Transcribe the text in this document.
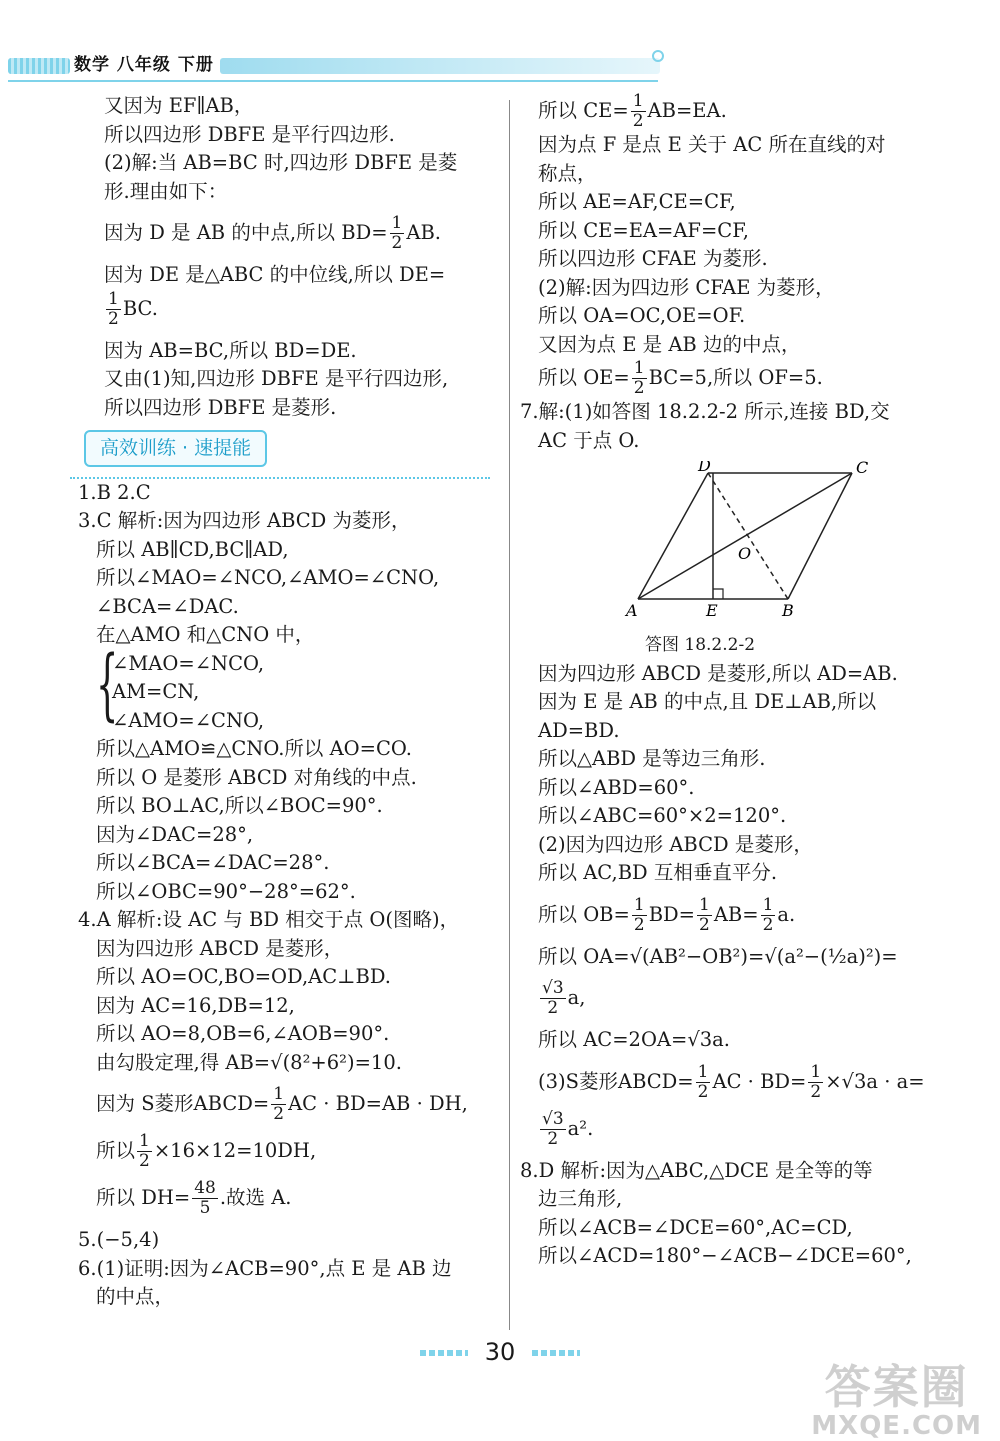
数学 八年级 下册
又因为 EF∥AB，
所以四边形 DBFE 是平行四边形.
(2)解:当 AB=BC 时,四边形 DBFE 是菱
形.理由如下：
因为 D 是 AB 的中点,所以 $BD= \frac{1}{2}$ AB.
因为 DE 是△ABC 的中位线,所以 DE=
$\frac{1}{2}$ BC.
因为 AB=BC,所以 BD=DE.
又由(1)知,四边形 DBFE 是平行四边形,
所以四边形 DBFE 是菱形.
高效训练 · 速提能
1.B 2.C
3.C 解析:因为四边形 ABCD 为菱形，
所以 AB∥CD,BC∥AD,
所以∠MAO=∠NCO,∠AMO=∠CNO,
∠BCA=∠DAC.
在△AMO 和△CNO 中，
{
∠MAO=∠NCO,
AM=CN,
∠AMO=∠CNO,
所以△AMO≌△CNO.所以 AO=CO.
所以 O 是菱形 ABCD 对角线的中点.
所以 BO⊥AC,所以∠BOC=90°.
因为∠DAC=28°,
所以∠BCA=∠DAC=28°.
所以∠OBC=90°−28°=62°.
4.A 解析:设 AC 与 BD 相交于点 O(图略)，
因为四边形 ABCD 是菱形，
所以 AO=OC,BO=OD,AC⊥BD.
因为 AC=16,DB=12,
所以 AO=8,OB=6,∠AOB=90°.
由勾股定理,得 AB=√(8²+6²)=10.
因为 S菱形ABCD= $\frac{1}{2}$ AC · BD=AB · DH,
所以 $\frac{1}{2} \times 16\times 12=10DH$,
所以 $DH= \frac{48}{5}$ .故选 A.
5.(−5,4)
6.(1)证明:因为∠ACB=90°,点 E 是 AB 边
的中点，
所以 $CE= \frac{1}{2} AB=EA$.
因为点 F 是点 E 关于 AC 所在直线的对
称点，
所以 AE=AF,CE=CF,
所以 CE=EA=AF=CF,
所以四边形 CFAE 为菱形.
(2)解:因为四边形 CFAE 为菱形，
所以 OA=OC,OE=OF.
又因为点 E 是 AB 边的中点，
所以 $OE= \frac{1}{2} BC=5$,所以 OF=5.
7.解:(1)如答图 18.2.2-2 所示,连接 BD,交
AC 于点 O.
A	B
C
D
E
O
答图 18.2.2-2
因为四边形 ABCD 是菱形,所以 AD=AB.
因为 E 是 AB 的中点,且 DE⊥AB,所以
AD=BD.
所以△ABD 是等边三角形.
所以∠ABD=60°.
所以∠ABC=60°×2=120°.
(2)因为四边形 ABCD 是菱形，
所以 AC,BD 互相垂直平分.
所以 $OB= \frac{1}{2} BD= \frac{1}{2} AB= \frac{1}{2} a$.
所以 OA=√(AB²−OB²)=√(a²−(½a)²)=
$\frac{√3}{2} a$,
所以 AC=2OA=√3a.
(3)S菱形ABCD= $\frac{1}{2}$ AC · $BD= \frac{1}{2} \times√3a \cdot a=$
$\frac{√3}{2} a^2$.
8.D 解析:因为△ABC,△DCE 是全等的等
边三角形,
所以∠ACB=∠DCE=60°,AC=CD,
所以∠ACD=180°−∠ACB−∠DCE=60°,
30
答案圈
MXQE.COM
